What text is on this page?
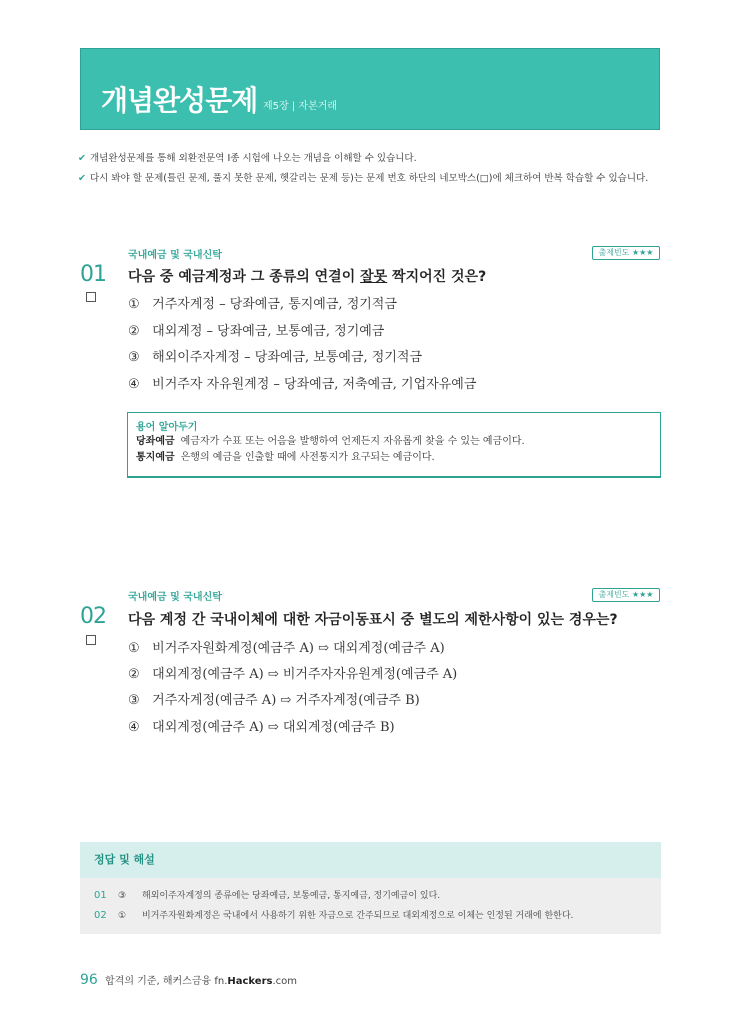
개념완성문제 제5장 | 자본거래
✔ 개념완성문제를 통해 외환전문역 Ⅰ종 시험에 나오는 개념을 이해할 수 있습니다.
✔ 다시 봐야 할 문제(틀린 문제, 풀지 못한 문제, 헷갈리는 문제 등)는 문제 번호 하단의 네모박스(□)에 체크하여 반복 학습할 수 있습니다.
국내예금 및 국내신탁	출제빈도 ★★★
01 다음 중 예금계정과 그 종류의 연결이 잘못 짝지어진 것은?
① 거주자계정 – 당좌예금, 통지예금, 정기적금
② 대외계정 – 당좌예금, 보통예금, 정기예금
③ 해외이주자계정 – 당좌예금, 보통예금, 정기적금
④ 비거주자 자유원계정 – 당좌예금, 저축예금, 기업자유예금
용어 알아두기
당좌예금 예금자가 수표 또는 어음을 발행하여 언제든지 자유롭게 찾을 수 있는 예금이다.
통지예금 은행의 예금을 인출할 때에 사전통지가 요구되는 예금이다.
국내예금 및 국내신탁	출제빈도 ★★★
02 다음 계정 간 국내이체에 대한 자금이동표시 중 별도의 제한사항이 있는 경우는?
① 비거주자원화계정(예금주 A) ⇨ 대외계정(예금주 A)
② 대외계정(예금주 A) ⇨ 비거주자자유원계정(예금주 A)
③ 거주자계정(예금주 A) ⇨ 거주자계정(예금주 B)
④ 대외계정(예금주 A) ⇨ 대외계정(예금주 B)
정답 및 해설
01 ③ 해외이주자계정의 종류에는 당좌예금, 보통예금, 통지예금, 정기예금이 있다.
02 ① 비거주자원화계정은 국내에서 사용하기 위한 자금으로 간주되므로 대외계정으로 이체는 인정된 거래에 한한다.
96 합격의 기준, 해커스금융 fn.Hackers.com
